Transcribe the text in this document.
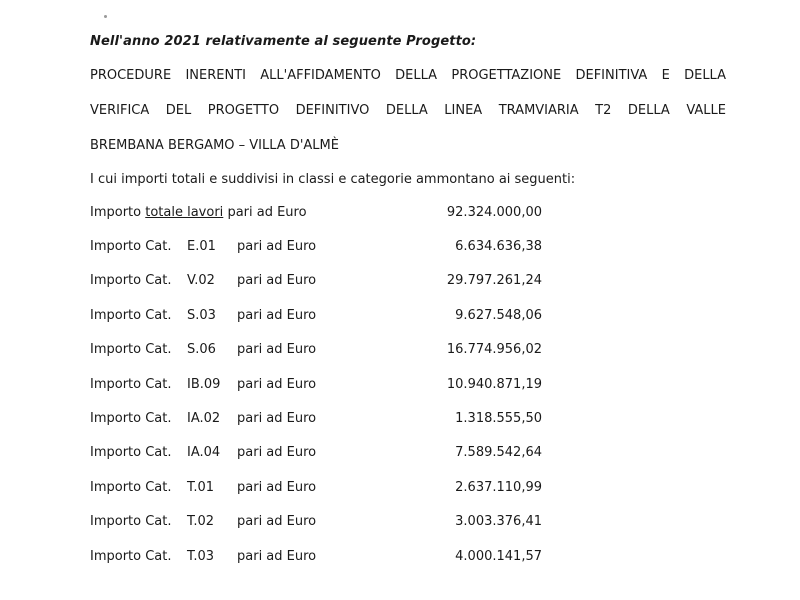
Nell'anno 2021 relativamente al seguente Progetto:
PROCEDURE INERENTI ALL'AFFIDAMENTO DELLA PROGETTAZIONE DEFINITIVA E DELLA
VERIFICA DEL PROGETTO DEFINITIVO DELLA LINEA TRAMVIARIA T2 DELLA VALLE
BREMBANA BERGAMO – VILLA D'ALMÈ
I cui importi totali e suddivisi in classi e categorie ammontano ai seguenti:
Importo totale lavori pari ad Euro	92.324.000,00
Importo Cat. E.01 pari ad Euro	6.634.636,38
Importo Cat. V.02 pari ad Euro	29.797.261,24
Importo Cat. S.03 pari ad Euro	9.627.548,06
Importo Cat. S.06 pari ad Euro	16.774.956,02
Importo Cat. IB.09 pari ad Euro	10.940.871,19
Importo Cat. IA.02 pari ad Euro	1.318.555,50
Importo Cat. IA.04 pari ad Euro	7.589.542,64
Importo Cat. T.01 pari ad Euro	2.637.110,99
Importo Cat. T.02 pari ad Euro	3.003.376,41
Importo Cat. T.03 pari ad Euro	4.000.141,57
